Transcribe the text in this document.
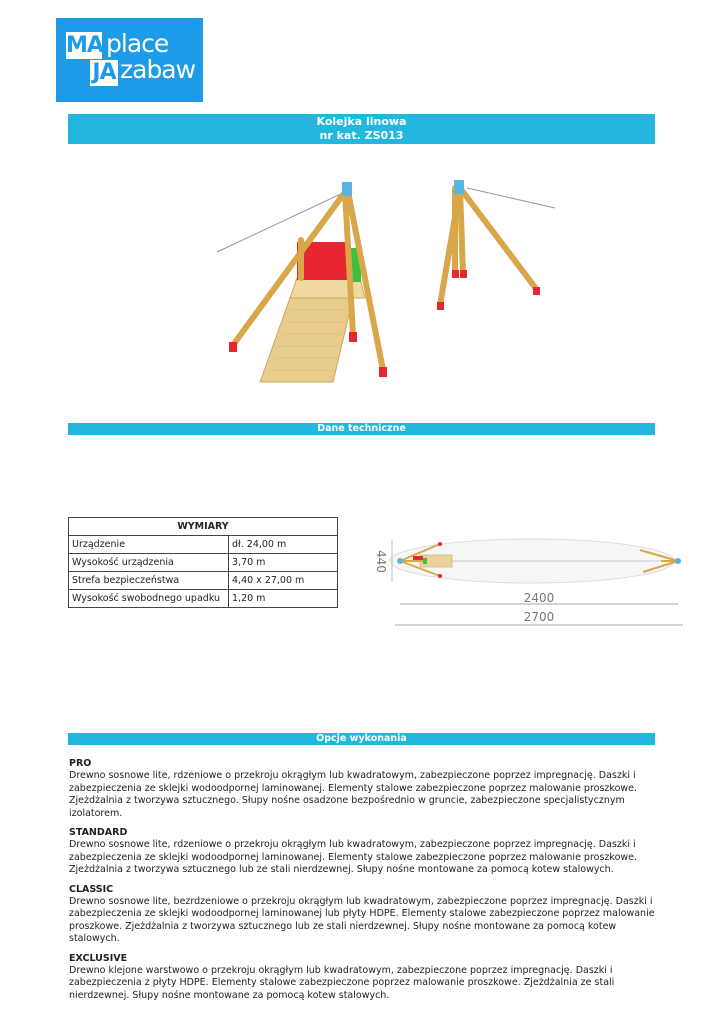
MA
JA
place
zabaw
Kolejka linowa
nr kat. ZS013
Dane techniczne
WYMIARY	
Urządzenie	dł. 24,00 m
Wysokość urządzenia	3,70 m
Strefa bezpieczeństwa	4,40 x 27,00 m
Wysokość swobodnego upadku	1,20 m
440
2400
2700
Opcje wykonania
PRO

Drewno sosnowe lite, rdzeniowe o przekroju okrągłym lub kwadratowym, zabezpieczone poprzez impregnację. Daszki i zabezpieczenia ze sklejki wodoodpornej laminowanej. Elementy stalowe zabezpieczone poprzez malowanie proszkowe. Zjeżdżalnia z tworzywa sztucznego. Słupy nośne osadzone bezpośrednio w gruncie, zabezpieczone specjalistycznym izolatorem.

STANDARD

Drewno sosnowe lite, rdzeniowe o przekroju okrągłym lub kwadratowym, zabezpieczone poprzez impregnację. Daszki i zabezpieczenia ze sklejki wodoodpornej laminowanej. Elementy stalowe zabezpieczone poprzez malowanie proszkowe. Zjeżdżalnia z tworzywa sztucznego lub ze stali nierdzewnej. Słupy nośne montowane za pomocą kotew stalowych.

CLASSIC

Drewno sosnowe lite, bezrdzeniowe o przekroju okrągłym lub kwadratowym, zabezpieczone poprzez impregnację. Daszki i zabezpieczenia ze sklejki wodoodpornej laminowanej lub płyty HDPE. Elementy stalowe zabezpieczone poprzez malowanie proszkowe. Zjeżdżalnia z tworzywa sztucznego lub ze stali nierdzewnej. Słupy nośne montowane za pomocą kotew stalowych.

EXCLUSIVE

Drewno klejone warstwowo o przekroju okrągłym lub kwadratowym, zabezpieczone poprzez impregnację. Daszki i zabezpieczenia z płyty HDPE. Elementy stalowe zabezpieczone poprzez malowanie proszkowe. Zjeżdżalnia ze stali nierdzewnej. Słupy nośne montowane za pomocą kotew stalowych.
